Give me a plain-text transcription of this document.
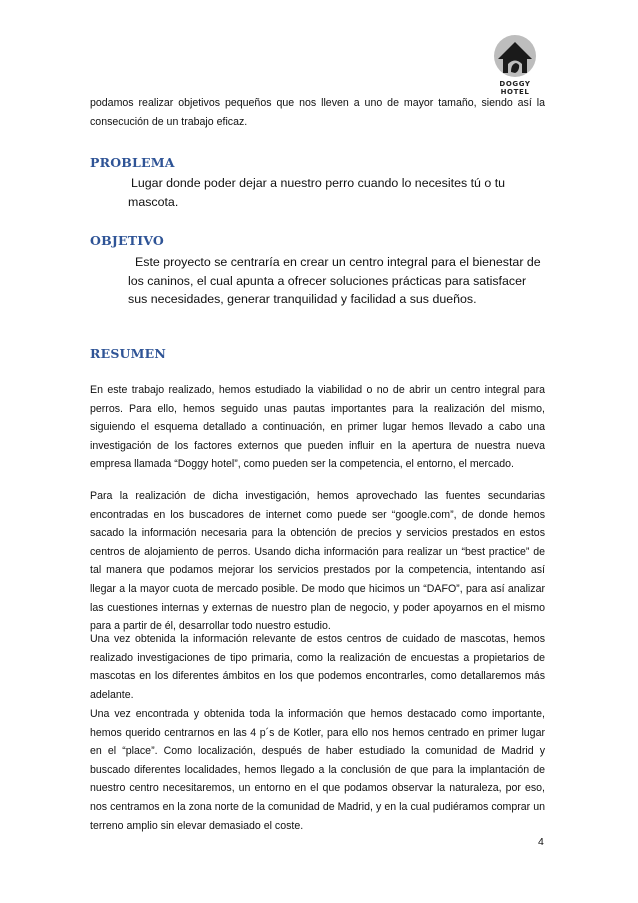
DOGGY HOTEL

podamos realizar objetivos pequeños que nos lleven a uno de mayor tamaño, siendo así la consecución de un trabajo eficaz.

PROBLEMA

Lugar donde poder dejar a nuestro perro cuando lo necesites tú o tu mascota.

OBJETIVO

Este proyecto se centraría en crear un centro integral para el bienestar de los caninos, el cual apunta a ofrecer soluciones prácticas para satisfacer sus necesidades, generar tranquilidad y facilidad a sus dueños.

RESUMEN

En este trabajo realizado, hemos estudiado la viabilidad o no de abrir un centro integral para perros. Para ello, hemos seguido unas pautas importantes para la realización del mismo, siguiendo el esquema detallado a continuación, en primer lugar hemos llevado a cabo una investigación de los factores externos que pueden influir en la apertura de nuestra nueva empresa llamada “Doggy hotel”, como pueden ser la competencia, el entorno, el mercado.

Para la realización de dicha investigación, hemos aprovechado las fuentes secundarias encontradas en los buscadores de internet como puede ser “google.com”, de donde hemos sacado la información necesaria para la obtención de precios y servicios prestados en estos centros de alojamiento de perros. Usando dicha información para realizar un “best practice” de tal manera que podamos mejorar los servicios prestados por la competencia, intentando así llegar a la mayor cuota de mercado posible. De modo que hicimos un “DAFO”, para así analizar las cuestiones internas y externas de nuestro plan de negocio, y poder apoyarnos en el mismo para a partir de él, desarrollar todo nuestro estudio.

Una vez obtenida la información relevante de estos centros de cuidado de mascotas, hemos realizado investigaciones de tipo primaria, como la realización de encuestas a propietarios de mascotas en los diferentes ámbitos en los que podemos encontrarles, como detallaremos más adelante.

Una vez encontrada y obtenida toda la información que hemos destacado como importante, hemos querido centrarnos en las 4 p´s de Kotler, para ello nos hemos centrado en primer lugar en el “place”. Como localización, después de haber estudiado la comunidad de Madrid y buscado diferentes localidades, hemos llegado a la conclusión de que para la implantación de nuestro centro necesitaremos, un entorno en el que podamos observar la naturaleza, por eso, nos centramos en la zona norte de la comunidad de Madrid, y en la cual pudiéramos comprar un terreno amplio sin elevar demasiado el coste.

4
